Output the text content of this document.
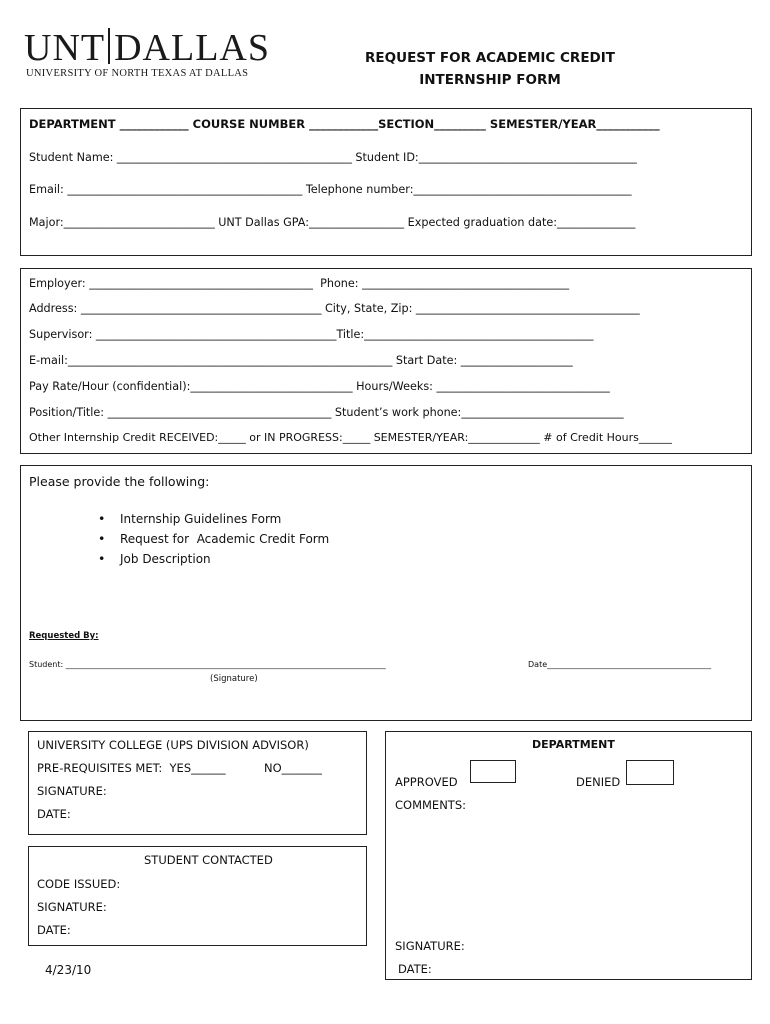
UNT DALLAS
UNIVERSITY OF NORTH TEXAS AT DALLAS
REQUEST FOR ACADEMIC CREDIT
INTERNSHIP FORM
DEPARTMENT ____________ COURSE NUMBER ____________SECTION_________ SEMESTER/YEAR___________
Student Name: __________________________________________ Student ID:_______________________________________
Email: __________________________________________ Telephone number:_______________________________________
Major:___________________________ UNT Dallas GPA:_________________ Expected graduation date:______________
Employer: ________________________________________  Phone: _____________________________________
Address: ___________________________________________ City, State, Zip: ________________________________________
Supervisor: ___________________________________________Title:_________________________________________
E-mail:__________________________________________________________ Start Date: ____________________
Pay Rate/Hour (confidential):_____________________________ Hours/Weeks: _______________________________
Position/Title: ________________________________________ Student’s work phone:_____________________________
Other Internship Credit RECEIVED:_____ or IN PROGRESS:_____ SEMESTER/YEAR:_____________ # of Credit Hours______
Please provide the following:
• Internship Guidelines Form
• Request for  Academic Credit Form
• Job Description
Requested By:
Student: ________________________________________________________________________________	Date_________________________________________
(Signature)
UNIVERSITY COLLEGE (UPS DIVISION ADVISOR)
PRE-REQUISITES MET:  YES______	NO_______
SIGNATURE:
DATE:
STUDENT CONTACTED
CODE ISSUED:
SIGNATURE:
DATE:
DEPARTMENT
APPROVED	DENIED
COMMENTS:
SIGNATURE:
DATE:
4/23/10
